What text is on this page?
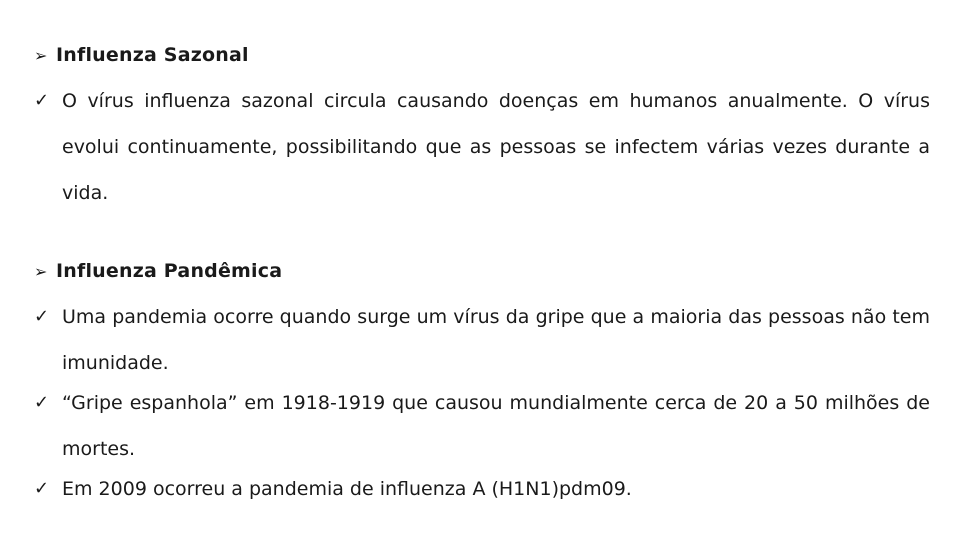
➢ Influenza Sazonal
✓ O vírus influenza sazonal circula causando doenças em humanos anualmente. O vírus evolui continuamente, possibilitando que as pessoas se infectem várias vezes durante a vida.
➢ Influenza Pandêmica
✓ Uma pandemia ocorre quando surge um vírus da gripe que a maioria das pessoas não tem imunidade.
✓ “Gripe espanhola” em 1918-1919 que causou mundialmente cerca de 20 a 50 milhões de mortes.
✓ Em 2009 ocorreu a pandemia de influenza A (H1N1)pdm09.
